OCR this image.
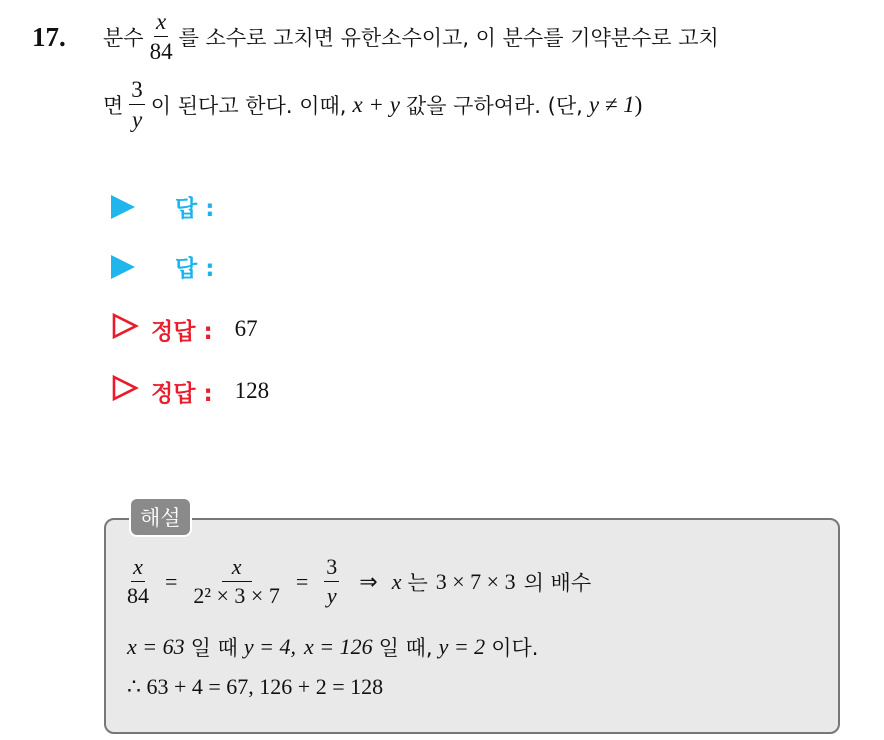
17. 분수 $\frac{x}{84}$ 를 소수로 고치면 유한소수이고, 이 분수를 기약분수로 고치
면 $\frac{3}{y}$ 이 된다고 한다. 이때, x + y 값을 구하여라. (단, y ≠ 1 )
답 :
답 :
정답 : 67
정답 : 128
해설
$\frac{x}{84} = \frac{x}{\text{2² × 3 × 7}} = \frac{3}{y}$ ⇒ x 는 3 × 7 × 3 의 배수
x = 63 일 때 y = 4, x = 126 일 때, y = 2 이다.
∴ 63 + 4 = 67, 126 + 2 = 128
